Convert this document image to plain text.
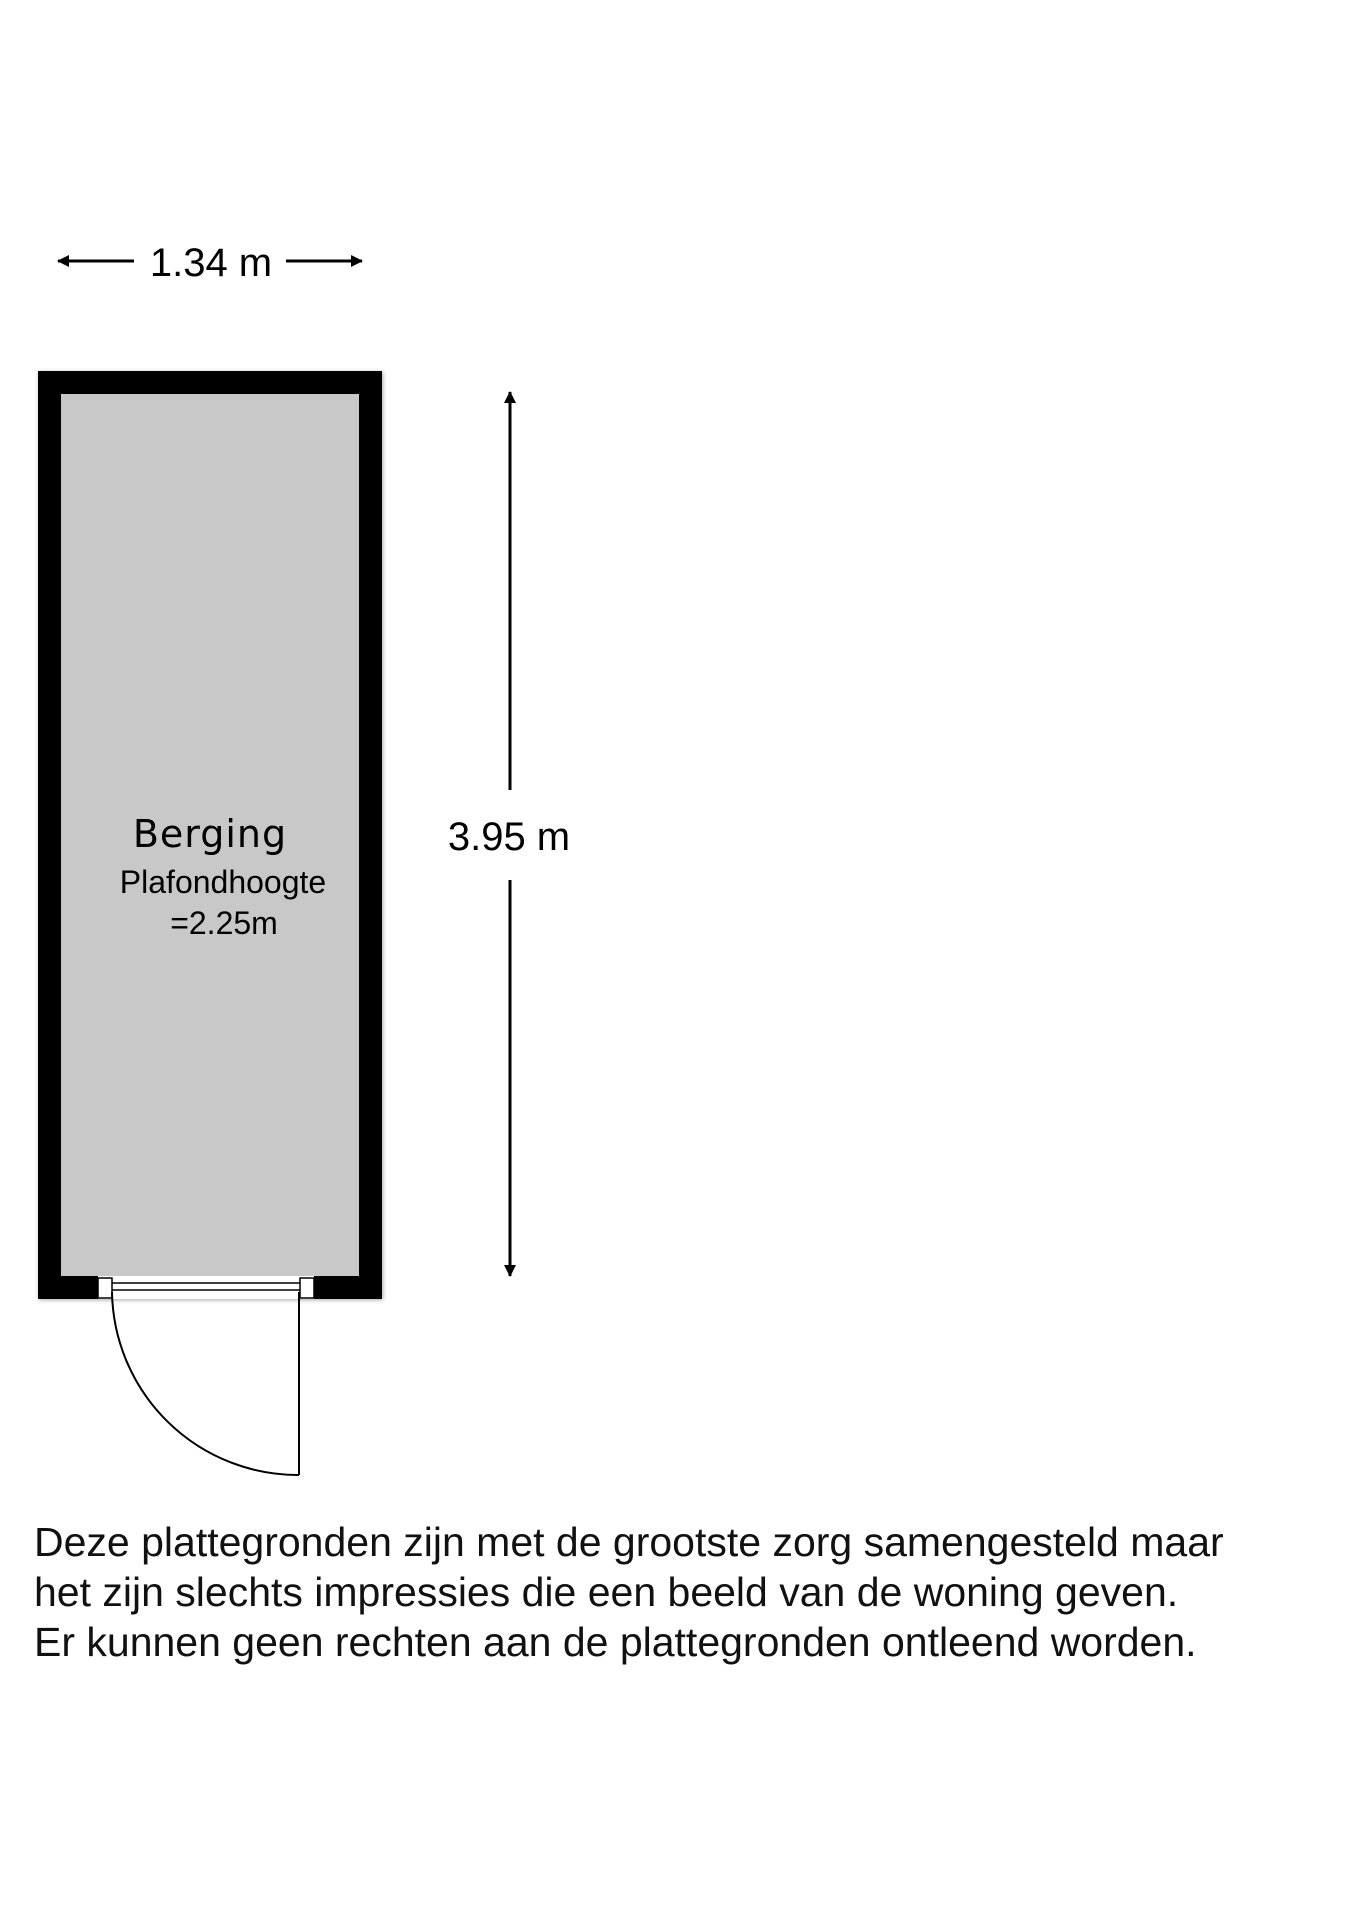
1.34 m
Berging
Plafondhoogte
=2.25m
3.95 m
Deze plattegronden zijn met de grootste zorg samengesteld maar
het zijn slechts impressies die een beeld van de woning geven.
Er kunnen geen rechten aan de plattegronden ontleend worden.
